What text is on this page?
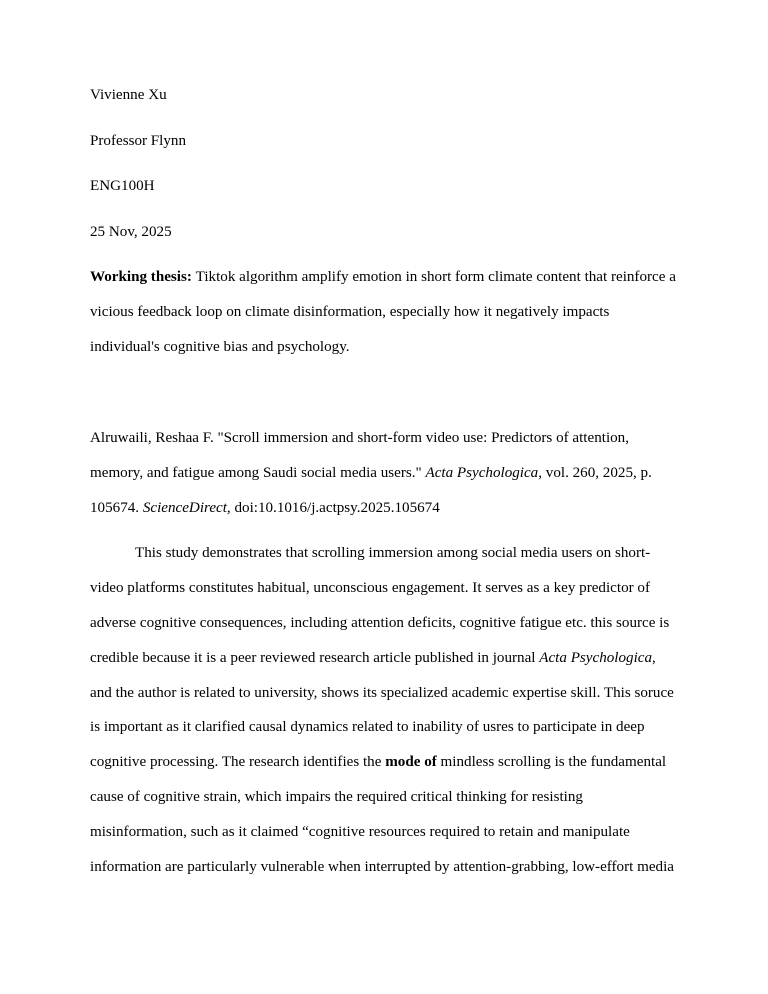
Vivienne Xu
Professor Flynn
ENG100H
25 Nov, 2025
Working thesis: Tiktok algorithm amplify emotion in short form climate content that reinforce a
vicious feedback loop on climate disinformation, especially how it negatively impacts
individual's cognitive bias and psychology.

Alruwaili, Reshaa F. "Scroll immersion and short-form video use: Predictors of attention,
memory, and fatigue among Saudi social media users." Acta Psychologica, vol. 260, 2025, p.
105674. ScienceDirect, doi:10.1016/j.actpsy.2025.105674
This study demonstrates that scrolling immersion among social media users on short-
video platforms constitutes habitual, unconscious engagement. It serves as a key predictor of
adverse cognitive consequences, including attention deficits, cognitive fatigue etc. this source is
credible because it is a peer reviewed research article published in journal Acta Psychologica,
and the author is related to university, shows its specialized academic expertise skill. This soruce
is important as it clarified causal dynamics related to inability of usres to participate in deep
cognitive processing. The research identifies the mode of mindless scrolling is the fundamental
cause of cognitive strain, which impairs the required critical thinking for resisting
misinformation, such as it claimed “cognitive resources required to retain and manipulate
information are particularly vulnerable when interrupted by attention-grabbing, low-effort media
